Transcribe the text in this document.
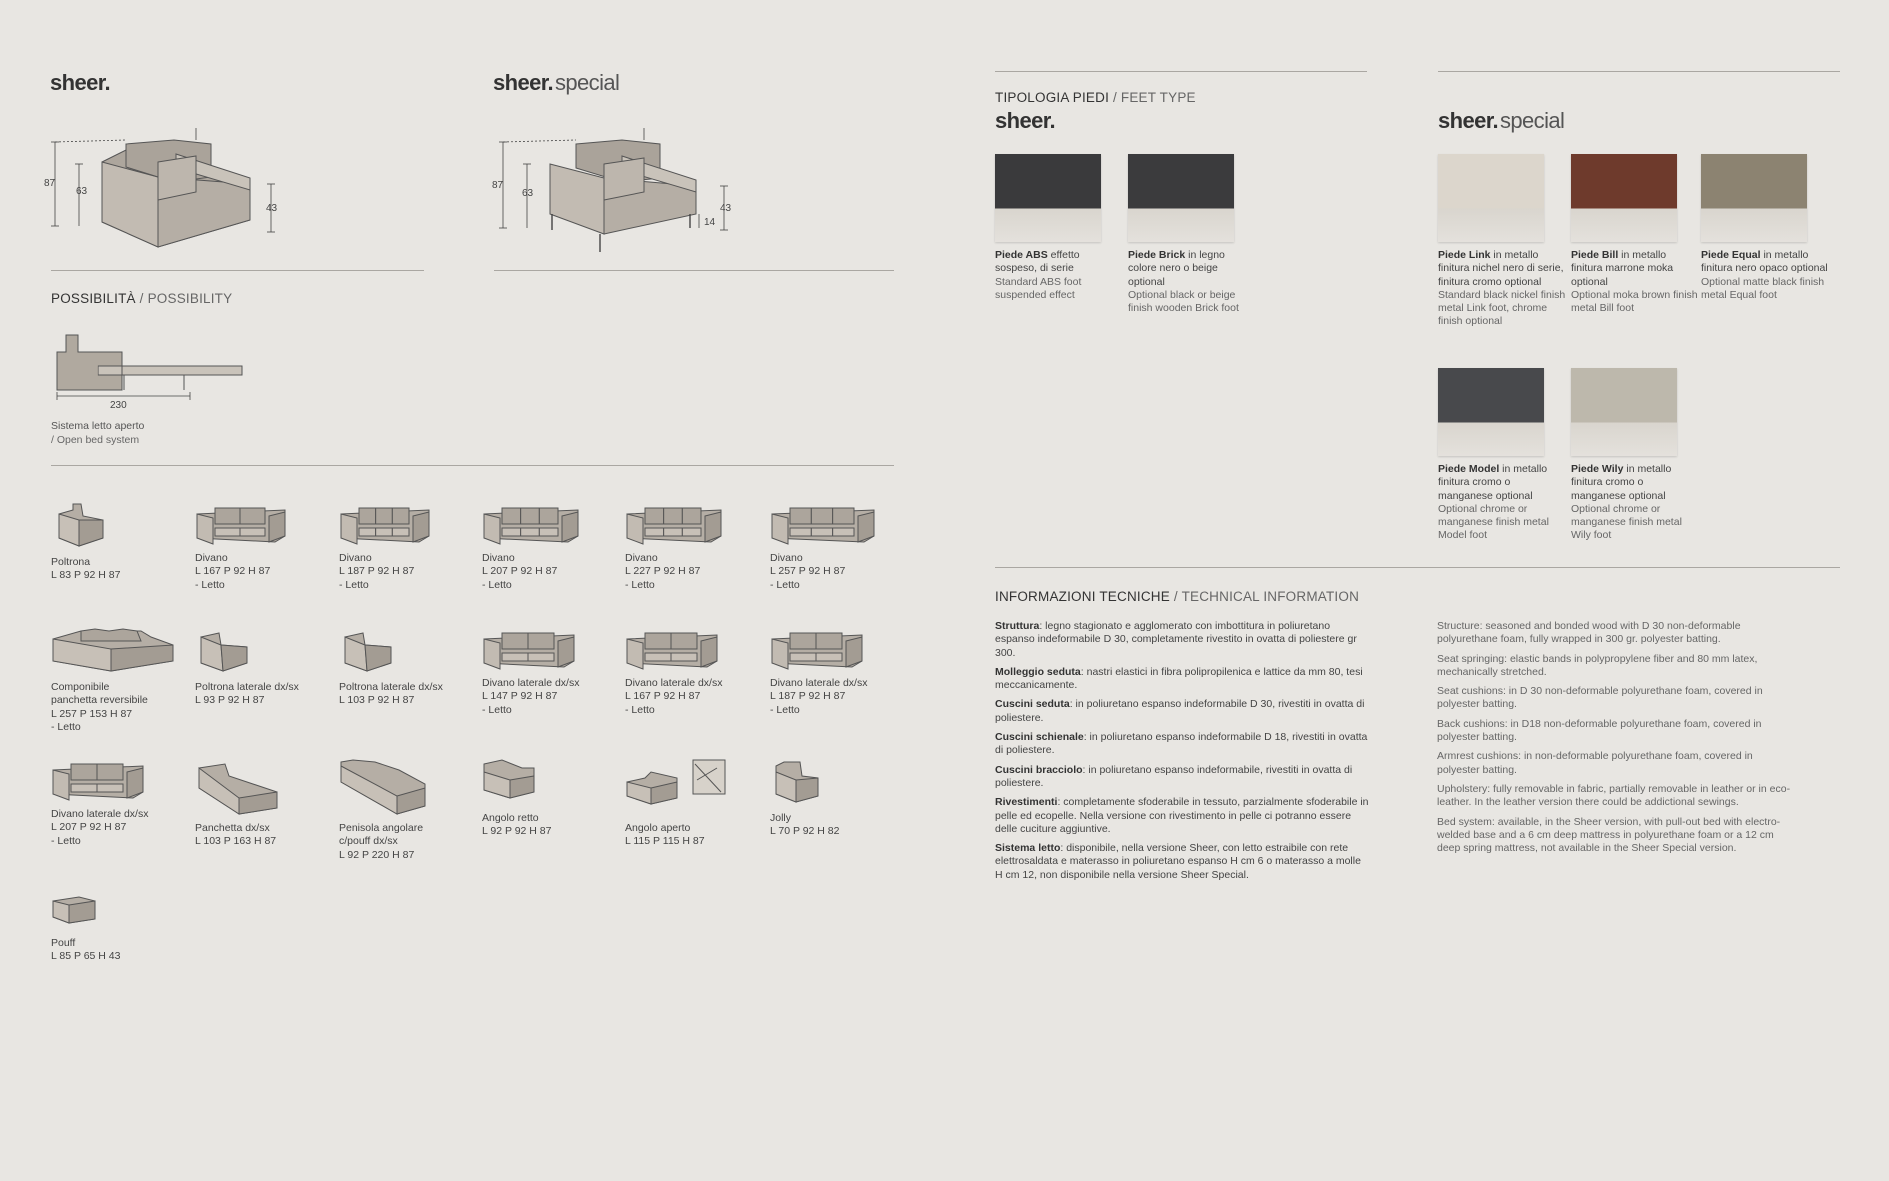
sheer.	sheer.special
87
63
43
87
63
43
14
POSSIBILITÀ / POSSIBILITY
230
Sistema letto aperto
/ Open bed system
Poltrona
L 83 P 92 H 87
Divano
L 167 P 92 H 87
- Letto
Divano
L 187 P 92 H 87
- Letto
Divano
L 207 P 92 H 87
- Letto
Divano
L 227 P 92 H 87
- Letto
Divano
L 257 P 92 H 87
- Letto
Componibile
panchetta reversibile
L 257 P 153 H 87
- Letto
Poltrona laterale dx/sx
L 93 P 92 H 87
Poltrona laterale dx/sx
L 103 P 92 H 87
Divano laterale dx/sx
L 147 P 92 H 87
- Letto
Divano laterale dx/sx
L 167 P 92 H 87
- Letto
Divano laterale dx/sx
L 187 P 92 H 87
- Letto
Divano laterale dx/sx
L 207 P 92 H 87
- Letto
Panchetta dx/sx
L 103 P 163 H 87
Penisola angolare
c/pouff dx/sx
L 92 P 220 H 87
Angolo retto
L 92 P 92 H 87	Angolo aperto
L 115 P 115 H 87
Jolly
L 70 P 92 H 82
Pouff
L 85 P 65 H 43
TIPOLOGIA PIEDI / FEET TYPE
sheer.	sheer.special
Piede ABS effetto sospeso, di serie
Standard ABS foot suspended effect
Piede Brick in legno colore nero o beige optional
Optional black or beige finish wooden Brick foot
Piede Link in metallo finitura nichel nero di serie, finitura cromo optional
Standard black nickel finish metal Link foot, chrome finish optional
Piede Bill in metallo finitura marrone moka optional
Optional moka brown finish metal Bill foot
Piede Equal in metallo finitura nero opaco optional
Optional matte black finish metal Equal foot
Piede Model in metallo finitura cromo o manganese optional
Optional chrome or manganese finish metal Model foot
Piede Wily in metallo finitura cromo o manganese optional
Optional chrome or manganese finish metal Wily foot
INFORMAZIONI TECNICHE / TECHNICAL INFORMATION

Struttura: legno stagionato e agglomerato con imbottitura in poliuretano espanso indeformabile D 30, completamente rivestito in ovatta di poliestere gr 300.

Molleggio seduta: nastri elastici in fibra polipropilenica e lattice da mm 80, tesi meccanicamente.

Cuscini seduta: in poliuretano espanso indeformabile D 30, rivestiti in ovatta di poliestere.

Cuscini schienale: in poliuretano espanso indeformabile D 18, rivestiti in ovatta di poliestere.

Cuscini bracciolo: in poliuretano espanso indeformabile, rivestiti in ovatta di poliestere.

Rivestimenti: completamente sfoderabile in tessuto, parzialmente sfoderabile in pelle ed ecopelle. Nella versione con rivestimento in pelle ci potranno essere delle cuciture aggiuntive.

Sistema letto: disponibile, nella versione Sheer, con letto estraibile con rete elettrosaldata e materasso in poliuretano espanso H cm 6 o materasso a molle H cm 12, non disponibile nella versione Sheer Special.

Structure: seasoned and bonded wood with D 30 non-deformable polyurethane foam, fully wrapped in 300 gr. polyester batting.

Seat springing: elastic bands in polypropylene fiber and 80 mm latex, mechanically stretched.

Seat cushions: in D 30 non-deformable polyurethane foam, covered in polyester batting.

Back cushions: in D18 non-deformable polyurethane foam, covered in polyester batting.

Armrest cushions: in non-deformable polyurethane foam, covered in polyester batting.

Upholstery: fully removable in fabric, partially removable in leather or in eco-leather. In the leather version there could be addictional sewings.

Bed system: available, in the Sheer version, with pull-out bed with electro-welded base and a 6 cm deep mattress in polyurethane foam or a 12 cm deep spring mattress, not available in the Sheer Special version.
